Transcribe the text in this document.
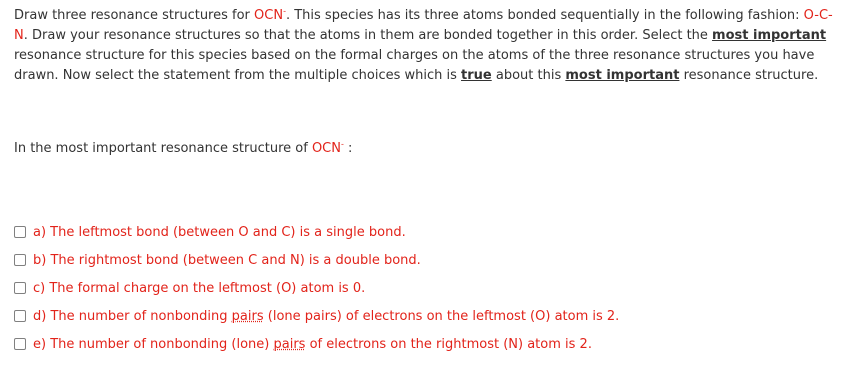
Draw three resonance structures for OCN-. This species has its three atoms bonded sequentially in the following fashion: O-C-N. Draw your resonance structures so that the atoms in them are bonded together in this order. Select the most important resonance structure for this species based on the formal charges on the atoms of the three resonance structures you have drawn. Now select the statement from the multiple choices which is true about this most important resonance structure.
In the most important resonance structure of OCN- :
a) The leftmost bond (between O and C) is a single bond.
b) The rightmost bond (between C and N) is a double bond.
c) The formal charge on the leftmost (O) atom is 0.
d) The number of nonbonding pairs (lone pairs) of electrons on the leftmost (O) atom is 2.
e) The number of nonbonding (lone) pairs of electrons on the rightmost (N) atom is 2.
